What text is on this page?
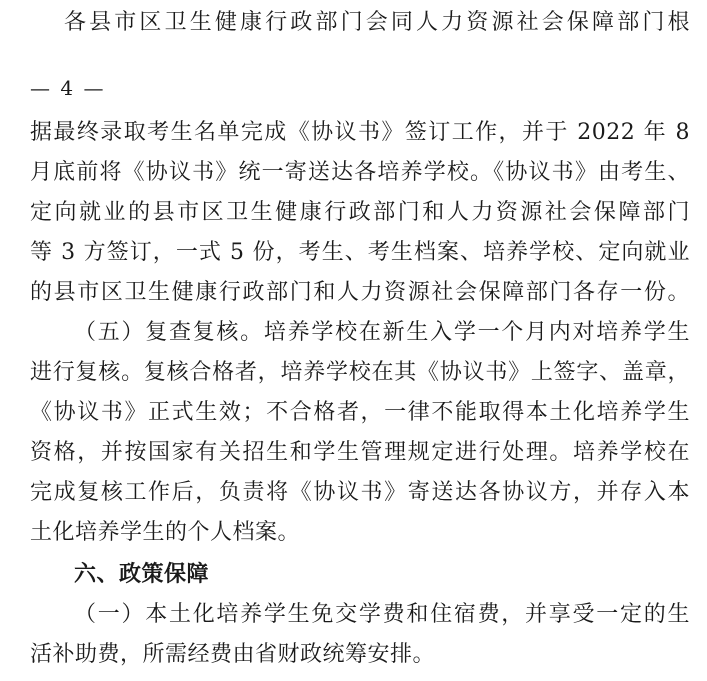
各县市区卫生健康行政部门会同人力资源社会保障部门根
— 4 —
据最终录取考生名单完成《协议书》签订工作，并于 2022 年 8
月底前将《协议书》统一寄送达各培养学校。《协议书》由考生、
定向就业的县市区卫生健康行政部门和人力资源社会保障部门
等 3 方签订，一式 5 份，考生、考生档案、培养学校、定向就业
的县市区卫生健康行政部门和人力资源社会保障部门各存一份。
（五）复查复核。培养学校在新生入学一个月内对培养学生
进行复核。复核合格者，培养学校在其《协议书》上签字、盖章，
《协议书》正式生效；不合格者，一律不能取得本土化培养学生
资格，并按国家有关招生和学生管理规定进行处理。培养学校在
完成复核工作后，负责将《协议书》寄送达各协议方，并存入本
土化培养学生的个人档案。
六、政策保障
（一）本土化培养学生免交学费和住宿费，并享受一定的生
活补助费，所需经费由省财政统筹安排。
